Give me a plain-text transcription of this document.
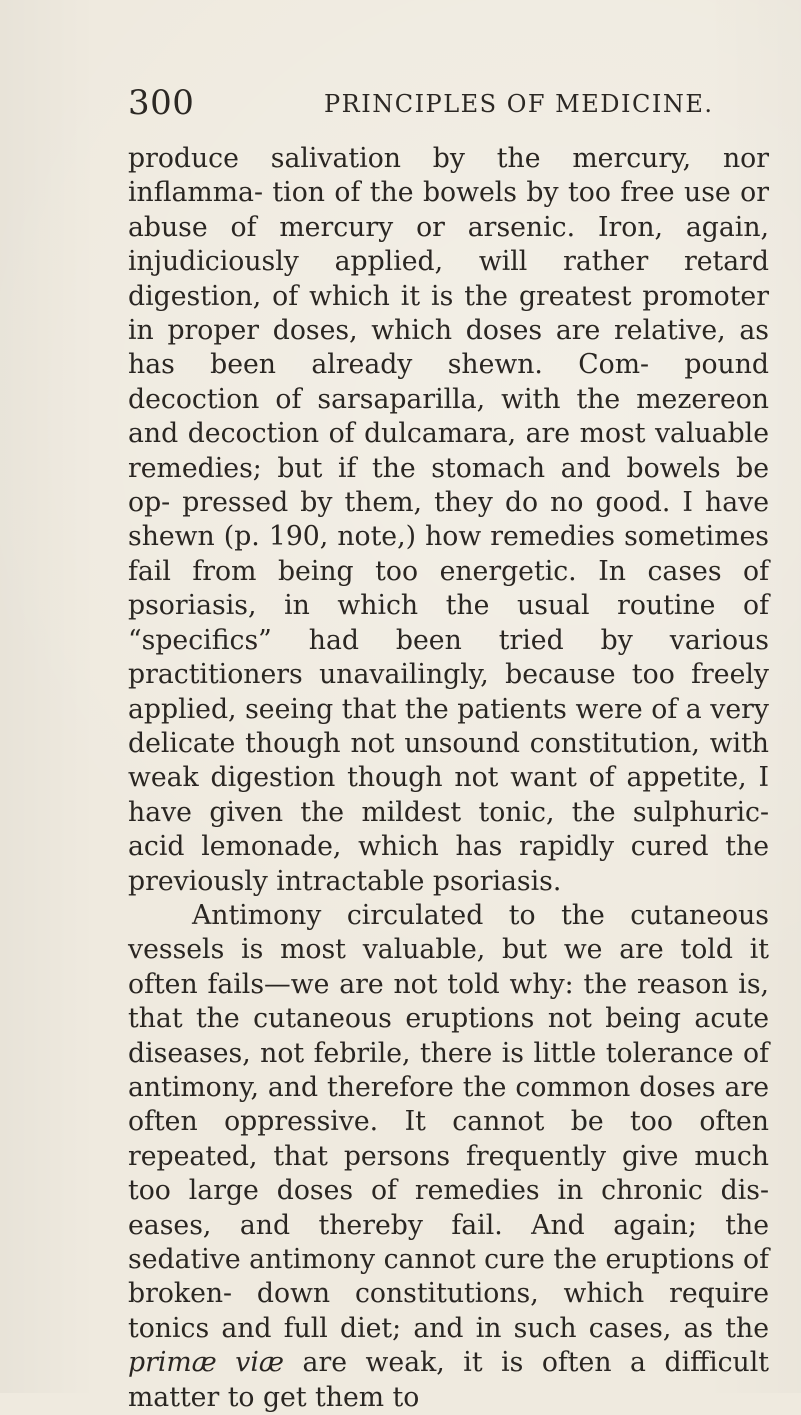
300	PRINCIPLES OF MEDICINE.

produce salivation by the mercury, nor inflamma- tion of the bowels by too free use or abuse of mercury or arsenic. Iron, again, injudiciously applied, will rather retard digestion, of which it is the greatest promoter in proper doses, which doses are relative, as has been already shewn. Com- pound decoction of sarsaparilla, with the mezereon and decoction of dulcamara, are most valuable remedies; but if the stomach and bowels be op- pressed by them, they do no good. I have shewn (p. 190, note,) how remedies sometimes fail from being too energetic. In cases of psoriasis, in which the usual routine of “specifics” had been tried by various practitioners unavailingly, because too freely applied, seeing that the patients were of a very delicate though not unsound constitution, with weak digestion though not want of appetite, I have given the mildest tonic, the sulphuric-acid lemonade, which has rapidly cured the previously intractable psoriasis.

Antimony circulated to the cutaneous vessels is most valuable, but we are told it often fails—we are not told why: the reason is, that the cutaneous eruptions not being acute diseases, not febrile, there is little tolerance of antimony, and therefore the common doses are often oppressive. It cannot be too often repeated, that persons frequently give much too large doses of remedies in chronic dis- eases, and thereby fail. And again; the sedative antimony cannot cure the eruptions of broken- down constitutions, which require tonics and full diet; and in such cases, as the primæ viæ are weak, it is often a difficult matter to get them to
